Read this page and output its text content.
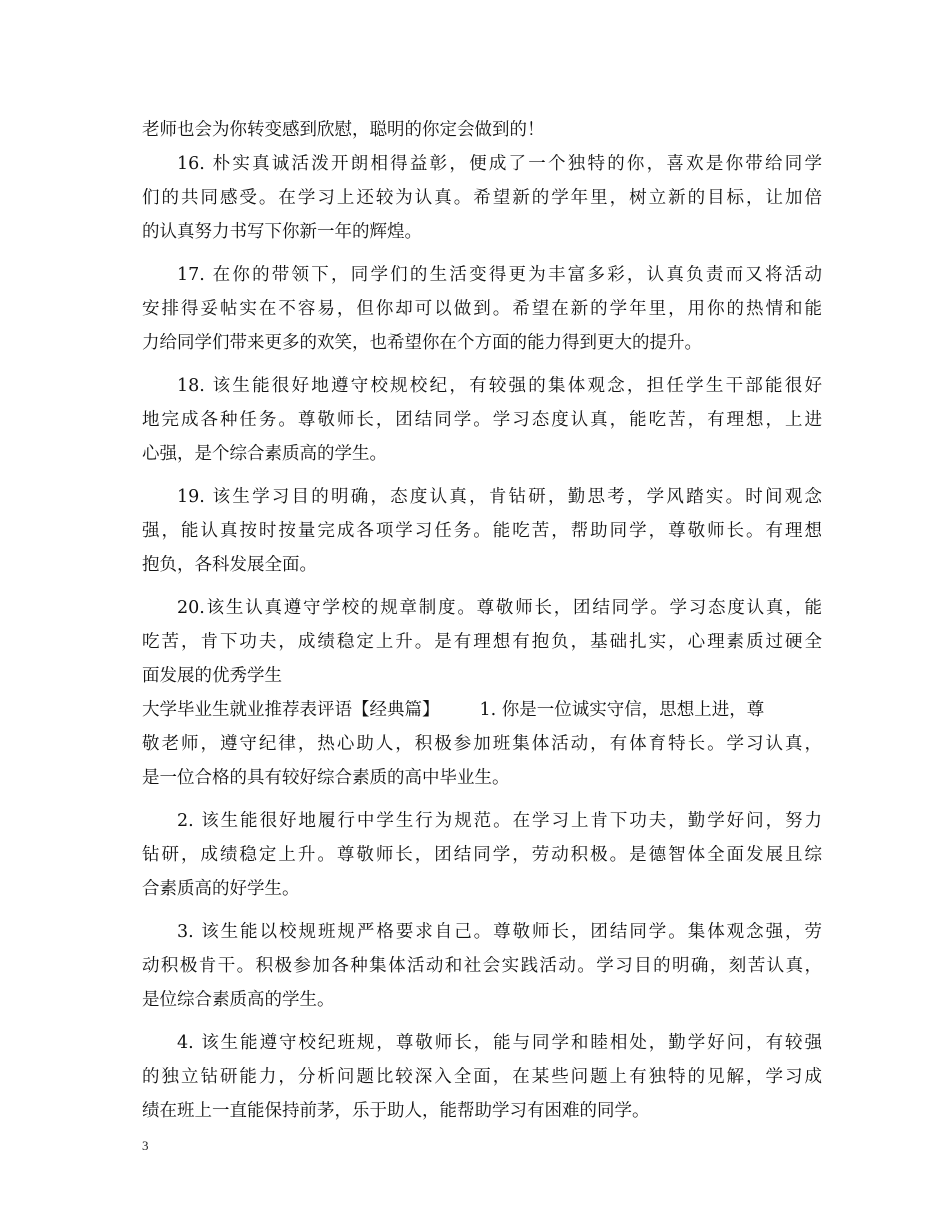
老师也会为你转变感到欣慰，聪明的你定会做到的！
16. 朴实真诚活泼开朗相得益彰，便成了一个独特的你，喜欢是你带给同学
们的共同感受。在学习上还较为认真。希望新的学年里，树立新的目标，让加倍
的认真努力书写下你新一年的辉煌。
17. 在你的带领下，同学们的生活变得更为丰富多彩，认真负责而又将活动
安排得妥帖实在不容易，但你却可以做到。希望在新的学年里，用你的热情和能
力给同学们带来更多的欢笑，也希望你在个方面的能力得到更大的提升。
18. 该生能很好地遵守校规校纪，有较强的集体观念，担任学生干部能很好
地完成各种任务。尊敬师长，团结同学。学习态度认真，能吃苦，有理想，上进
心强，是个综合素质高的学生。
19. 该生学习目的明确，态度认真，肯钻研，勤思考，学风踏实。时间观念
强，能认真按时按量完成各项学习任务。能吃苦，帮助同学，尊敬师长。有理想
抱负，各科发展全面。
20.该生认真遵守学校的规章制度。尊敬师长，团结同学。学习态度认真，能
吃苦，肯下功夫，成绩稳定上升。是有理想有抱负，基础扎实，心理素质过硬全
面发展的优秀学生
大学毕业生就业推荐表评语【经典篇】 1. 你是一位诚实守信，思想上进，尊
敬老师，遵守纪律，热心助人，积极参加班集体活动，有体育特长。学习认真，
是一位合格的具有较好综合素质的高中毕业生。
2. 该生能很好地履行中学生行为规范。在学习上肯下功夫，勤学好问，努力
钻研，成绩稳定上升。尊敬师长，团结同学，劳动积极。是德智体全面发展且综
合素质高的好学生。
3. 该生能以校规班规严格要求自己。尊敬师长，团结同学。集体观念强，劳
动积极肯干。积极参加各种集体活动和社会实践活动。学习目的明确，刻苦认真，
是位综合素质高的学生。
4. 该生能遵守校纪班规，尊敬师长，能与同学和睦相处，勤学好问，有较强
的独立钻研能力，分析问题比较深入全面，在某些问题上有独特的见解，学习成
绩在班上一直能保持前茅，乐于助人，能帮助学习有困难的同学。
3
